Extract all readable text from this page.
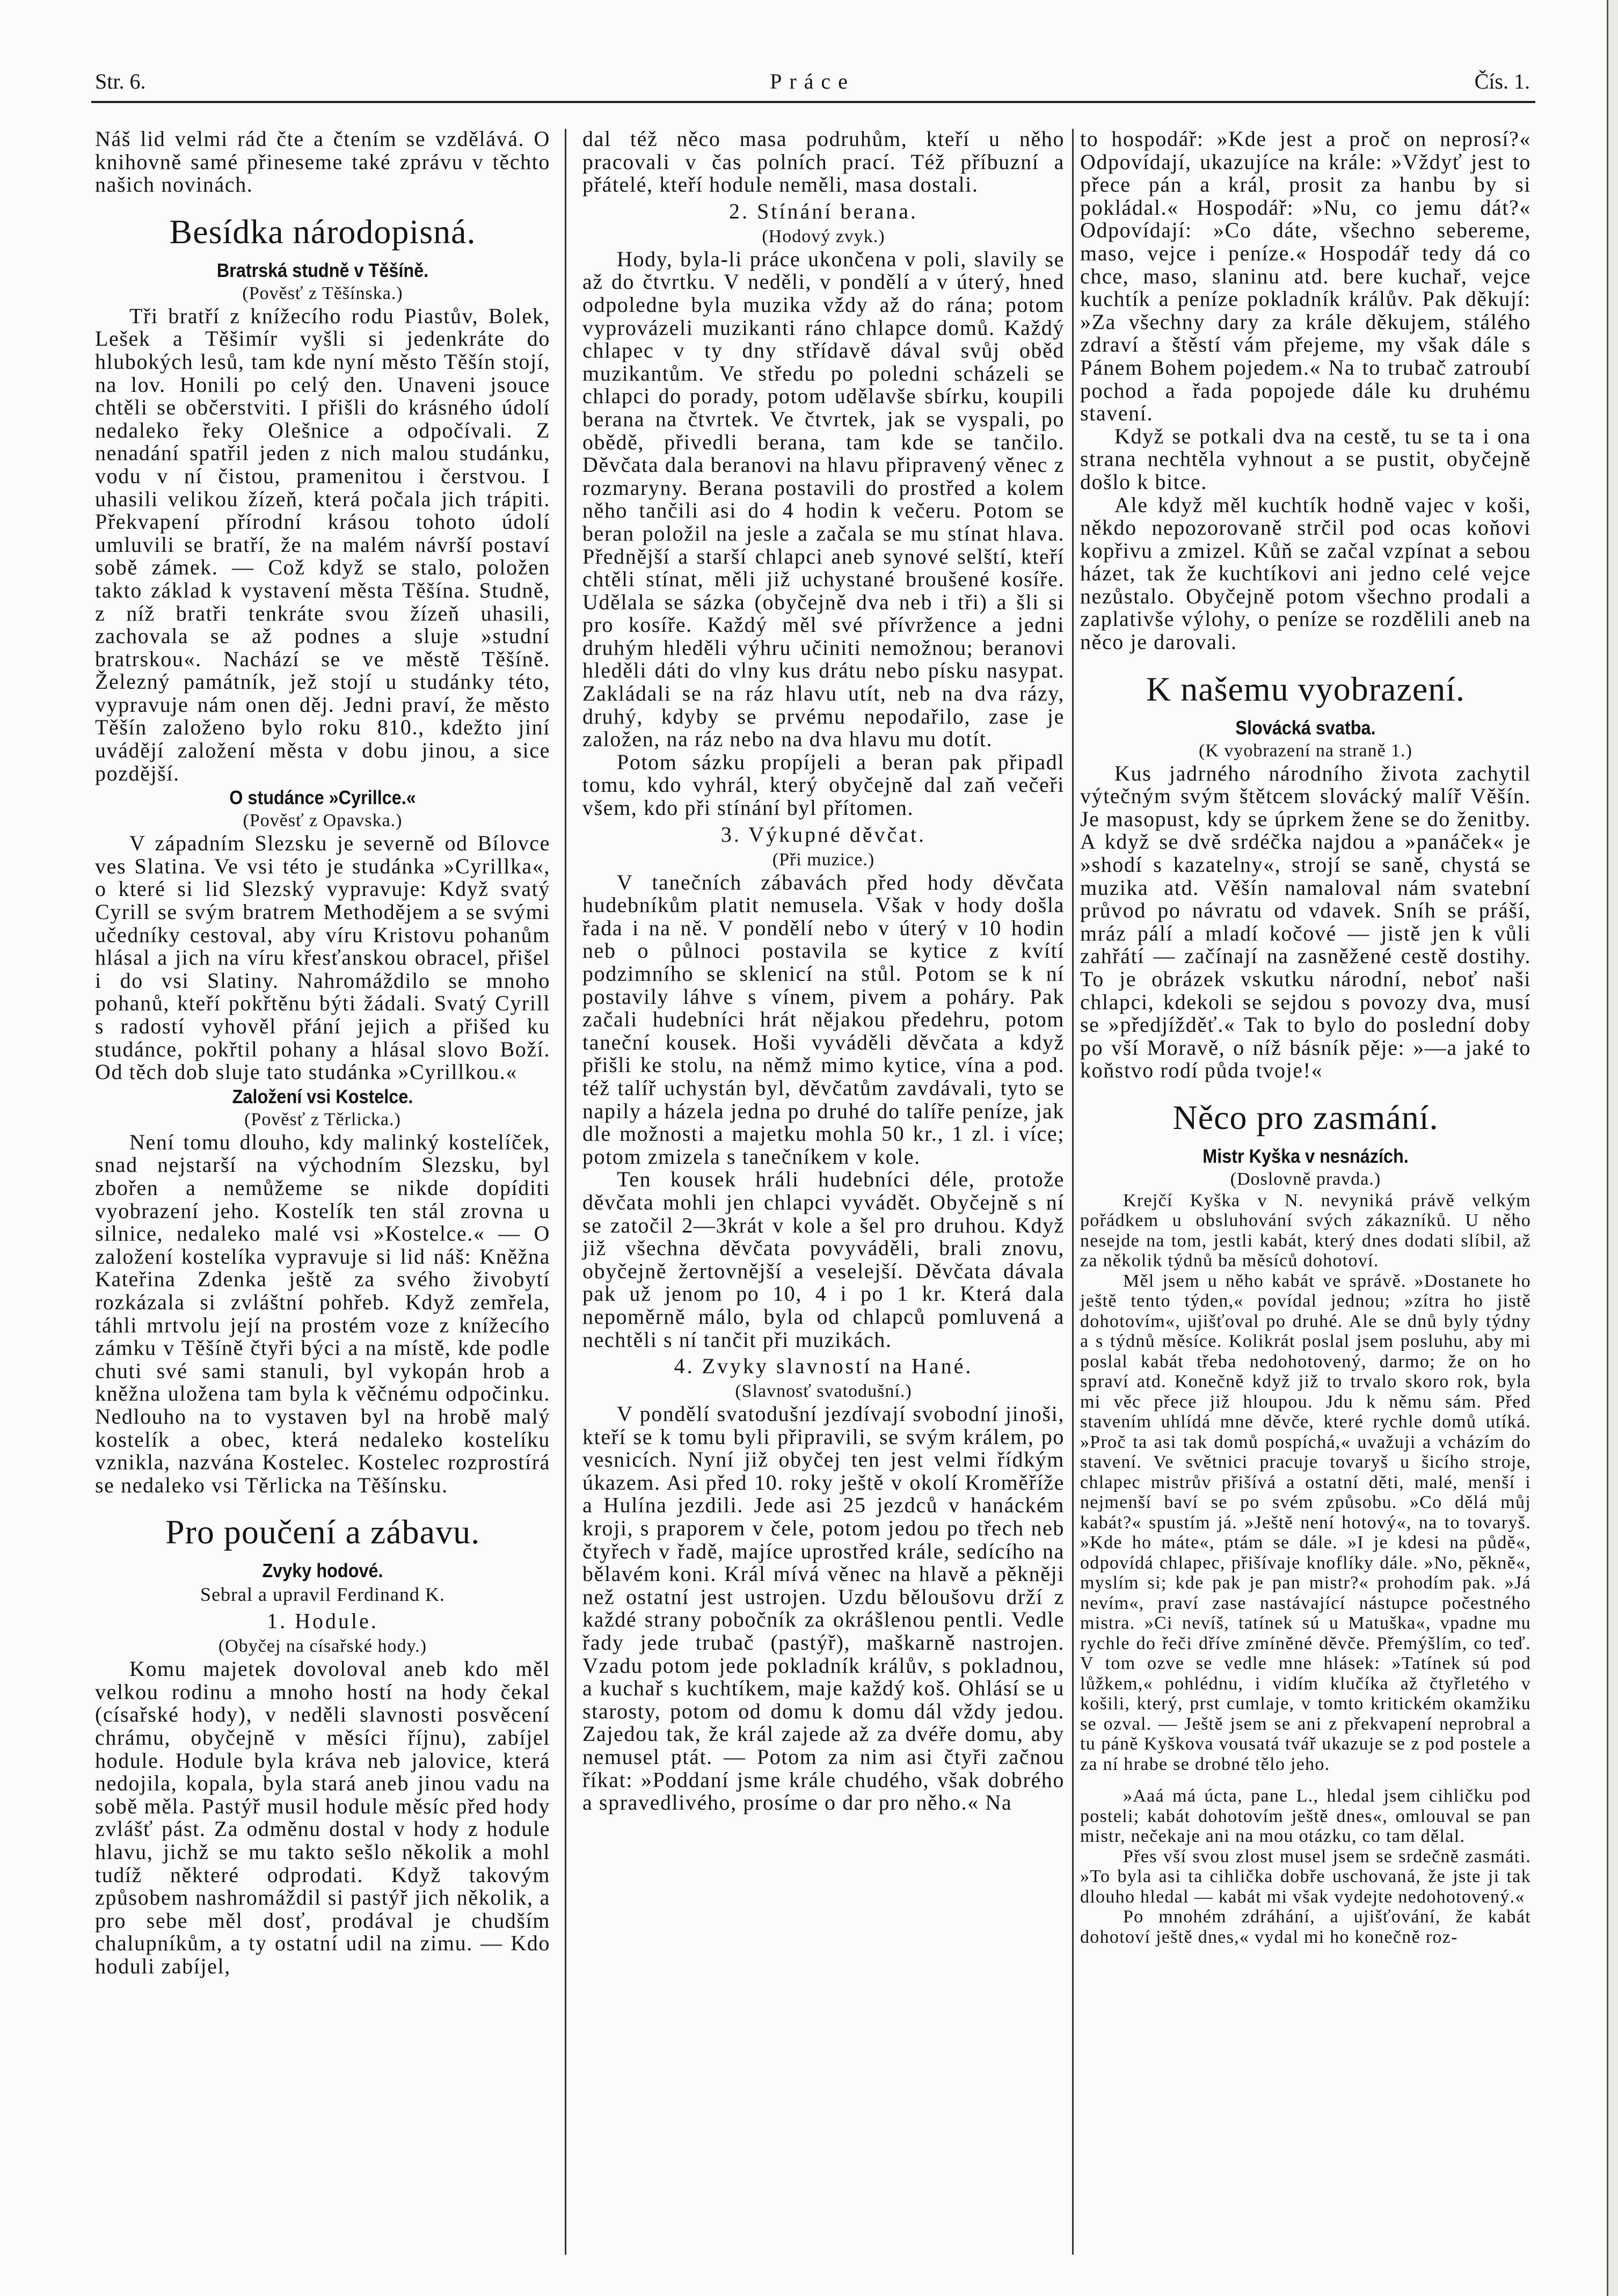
Práce
Str. 6.	Čís. 1.
Náš lid velmi rád čte a čtením se vzdělává. O knihovně samé přineseme také zprávu v těchto našich novinách.
Besídka národopisná.
Bratrská studně v Těšíně.
(Pověsť z Těšínska.)
Tři bratří z knížecího rodu Piastův, Bolek, Lešek a Těšimír vyšli si jedenkráte do hlubokých lesů, tam kde nyní město Těšín stojí, na lov. Honili po celý den. Unaveni jsouce chtěli se občerstviti. I přišli do krásného údolí nedaleko řeky Olešnice a odpočívali. Z nenadání spatřil jeden z nich malou studánku, vodu v ní čistou, pramenitou i čerstvou. I uhasili velikou žízeň, která počala jich trápiti. Překvapení přírodní krásou tohoto údolí umluvili se bratří, že na malém návrší postaví sobě zámek. — Což když se stalo, položen takto základ k vystavení města Těšína. Studně, z níž bratři tenkráte svou žízeň uhasili, zachovala se až podnes a sluje »studní bratrskou«. Nachází se ve městě Těšíně. Železný památník, jež stojí u studánky této, vypravuje nám onen děj. Jedni praví, že město Těšín založeno bylo roku 810., kdežto jiní uvádějí založení města v dobu jinou, a sice pozdější.
O studánce »Cyrillce.«
(Pověsť z Opavska.)
V západním Slezsku je severně od Bílovce ves Slatina. Ve vsi této je studánka »Cyrillka«, o které si lid Slezský vypravuje: Když svatý Cyrill se svým bratrem Methodějem a se svými učedníky cestoval, aby víru Kristovu pohanům hlásal a jich na víru křesťanskou obracel, přišel i do vsi Slatiny. Nahromáždilo se mnoho pohanů, kteří pokřtěnu býti žádali. Svatý Cyrill s radostí vyhověl přání jejich a přišed ku studánce, pokřtil pohany a hlásal slovo Boží. Od těch dob sluje tato studánka »Cyrillkou.«
Založení vsi Kostelce.
(Pověsť z Těrlicka.)
Není tomu dlouho, kdy malinký kostelíček, snad nejstarší na východním Slezsku, byl zbořen a nemůžeme se nikde dopíditi vyobrazení jeho. Kostelík ten stál zrovna u silnice, nedaleko malé vsi »Kostelce.« — O založení kostelíka vypravuje si lid náš: Kněžna Kateřina Zdenka ještě za svého živobytí rozkázala si zvláštní pohřeb. Když zemřela, táhli mrtvolu její na prostém voze z knížecího zámku v Těšíně čtyři býci a na místě, kde podle chuti své sami stanuli, byl vykopán hrob a kněžna uložena tam byla k věčnému odpočinku. Nedlouho na to vystaven byl na hrobě malý kostelík a obec, která nedaleko kostelíku vznikla, nazvána Kostelec. Kostelec rozprostírá se nedaleko vsi Těrlicka na Těšínsku.
Pro poučení a zábavu.
Zvyky hodové.
Sebral a upravil Ferdinand K.
1. Hodule.
(Obyčej na císařské hody.)
Komu majetek dovoloval aneb kdo měl velkou rodinu a mnoho hostí na hody čekal (císařské hody), v neděli slavnosti posvěcení chrámu, obyčejně v měsíci říjnu), zabíjel hodule. Hodule byla kráva neb jalovice, která nedojila, kopala, byla stará aneb jinou vadu na sobě měla. Pastýř musil hodule měsíc před hody zvlášť pást. Za odměnu dostal v hody z hodule hlavu, jichž se mu takto sešlo několik a mohl tudíž některé odprodati. Když takovým způsobem nashromáždil si pastýř jich několik, a pro sebe měl dosť, prodával je chudším chalupníkům, a ty ostatní udil na zimu. — Kdo hoduli zabíjel,
dal též něco masa podruhům, kteří u něho pracovali v čas polních prací. Též příbuzní a přátelé, kteří hodule neměli, masa dostali.
2. Stínání berana.
(Hodový zvyk.)
Hody, byla-li práce ukončena v poli, slavily se až do čtvrtku. V neděli, v pondělí a v úterý, hned odpoledne byla muzika vždy až do rána; potom vyprovázeli muzikanti ráno chlapce domů. Každý chlapec v ty dny střídavě dával svůj oběd muzikantům. Ve středu po poledni scházeli se chlapci do porady, potom udělavše sbírku, koupili berana na čtvrtek. Ve čtvrtek, jak se vyspali, po obědě, přivedli berana, tam kde se tančilo. Děvčata dala beranovi na hlavu připravený věnec z rozmaryny. Berana postavili do prostřed a kolem něho tančili asi do 4 hodin k večeru. Potom se beran položil na jesle a začala se mu stínat hlava. Přednější a starší chlapci aneb synové selští, kteří chtěli stínat, měli již uchystané broušené kosíře. Udělala se sázka (obyčejně dva neb i tři) a šli si pro kosíře. Každý měl své přívržence a jedni druhým hleděli výhru učiniti nemožnou; beranovi hleděli dáti do vlny kus drátu nebo písku nasypat. Zakládali se na ráz hlavu utít, neb na dva rázy, druhý, kdyby se prvému nepodařilo, zase je založen, na ráz nebo na dva hlavu mu dotít.
Potom sázku propíjeli a beran pak připadl tomu, kdo vyhrál, který obyčejně dal zaň večeři všem, kdo při stínání byl přítomen.
3. Výkupné děvčat.
(Při muzice.)
V tanečních zábavách před hody děvčata hudebníkům platit nemusela. Však v hody došla řada i na ně. V pondělí nebo v úterý v 10 hodin neb o půlnoci postavila se kytice z kvítí podzimního se sklenicí na stůl. Potom se k ní postavily láhve s vínem, pivem a poháry. Pak začali hudebníci hrát nějakou předehru, potom taneční kousek. Hoši vyváděli děvčata a když přišli ke stolu, na němž mimo kytice, vína a pod. též talíř uchystán byl, děvčatům zavdávali, tyto se napily a házela jedna po druhé do talíře peníze, jak dle možnosti a majetku mohla 50 kr., 1 zl. i více; potom zmizela s tanečníkem v kole.
Ten kousek hráli hudebníci déle, protože děvčata mohli jen chlapci vyvádět. Obyčejně s ní se zatočil 2—3krát v kole a šel pro druhou. Když již všechna děvčata povyváděli, brali znovu, obyčejně žertovnější a veselejší. Děvčata dávala pak už jenom po 10, 4 i po 1 kr. Která dala nepoměrně málo, byla od chlapců pomluvená a nechtěli s ní tančit při muzikách.
4. Zvyky slavností na Hané.
(Slavnosť svatodušní.)
V pondělí svatodušní jezdívají svobodní jinoši, kteří se k tomu byli připravili, se svým králem, po vesnicích. Nyní již obyčej ten jest velmi řídkým úkazem. Asi před 10. roky ještě v okolí Kroměříže a Hulína jezdili. Jede asi 25 jezdců v hanáckém kroji, s praporem v čele, potom jedou po třech neb čtyřech v řadě, majíce uprostřed krále, sedícího na bělavém koni. Král mívá věnec na hlavě a pěkněji než ostatní jest ustrojen. Uzdu běloušovu drží z každé strany pobočník za okrášlenou pentli. Vedle řady jede trubač (pastýř), maškarně nastrojen. Vzadu potom jede pokladník králův, s pokladnou, a kuchař s kuchtíkem, maje každý koš. Ohlásí se u starosty, potom od domu k domu dál vždy jedou. Zajedou tak, že král zajede až za dvéře domu, aby nemusel ptát. — Potom za nim asi čtyři začnou říkat: »Poddaní jsme krále chudého, však dobrého a spravedlivého, prosíme o dar pro něho.« Na
to hospodář: »Kde jest a proč on neprosí?« Odpovídají, ukazujíce na krále: »Vždyť jest to přece pán a král, prosit za hanbu by si pokládal.« Hospodář: »Nu, co jemu dát?« Odpovídají: »Co dáte, všechno sebereme, maso, vejce i peníze.« Hospodář tedy dá co chce, maso, slaninu atd. bere kuchař, vejce kuchtík a peníze pokladník králův. Pak děkují: »Za všechny dary za krále děkujem, stálého zdraví a štěstí vám přejeme, my však dále s Pánem Bohem pojedem.« Na to trubač zatroubí pochod a řada popojede dále ku druhému stavení.
Když se potkali dva na cestě, tu se ta i ona strana nechtěla vyhnout a se pustit, obyčejně došlo k bitce.
Ale když měl kuchtík hodně vajec v koši, někdo nepozorovaně strčil pod ocas koňovi kopřivu a zmizel. Kůň se začal vzpínat a sebou házet, tak že kuchtíkovi ani jedno celé vejce nezůstalo. Obyčejně potom všechno prodali a zaplativše výlohy, o peníze se rozdělili aneb na něco je darovali.
K našemu vyobrazení.
Slovácká svatba.
(K vyobrazení na straně 1.)
Kus jadrného národního života zachytil výtečným svým štětcem slovácký malíř Věšín. Je masopust, kdy se úprkem žene se do ženitby. A když se dvě srdéčka najdou a »panáček« je »shodí s kazatelny«, strojí se saně, chystá se muzika atd. Věšín namaloval nám svatební průvod po návratu od vdavek. Sníh se práší, mráz pálí a mladí kočové — jistě jen k vůli zahřátí — začínají na zasněžené cestě dostihy. To je obrázek vskutku národní, neboť naši chlapci, kdekoli se sejdou s povozy dva, musí se »předjížděť.« Tak to bylo do poslední doby po vší Moravě, o níž básník pěje: »—a jaké to koňstvo rodí půda tvoje!«
Něco pro zasmání.
Mistr Kyška v nesnázích.
(Doslovně pravda.)
Krejčí Kyška v N. nevyniká právě velkým pořádkem u obsluhování svých zákazníků. U něho nesejde na tom, jestli kabát, který dnes dodati slíbil, až za několik týdnů ba měsíců dohotoví.
Měl jsem u něho kabát ve správě. »Dostanete ho ještě tento týden,« povídal jednou; »zítra ho jistě dohotovím«, ujišťoval po druhé. Ale se dnů byly týdny a s týdnů měsíce. Kolikrát poslal jsem posluhu, aby mi poslal kabát třeba nedohotovený, darmo; že on ho spraví atd. Konečně když již to trvalo skoro rok, byla mi věc přece již hloupou. Jdu k němu sám. Před stavením uhlídá mne děvče, které rychle domů utíká. »Proč ta asi tak domů pospíchá,« uvažuji a vcházím do stavení. Ve světnici pracuje tovaryš u šicího stroje, chlapec mistrův přišívá a ostatní děti, malé, menší i nejmenší baví se po svém způsobu. »Co dělá můj kabát?« spustím já. »Ještě není hotový«, na to tovaryš. »Kde ho máte«, ptám se dále. »I je kdesi na půdě«, odpovídá chlapec, přišívaje knoflíky dále. »No, pěkně«, myslím si; kde pak je pan mistr?« prohodím pak. »Já nevím«, praví zase nastávající nástupce počestného mistra. »Ci nevíš, tatínek sú u Matuška«, vpadne mu rychle do řeči dříve zmíněné děvče. Přemýšlím, co teď. V tom ozve se vedle mne hlásek: »Tatínek sú pod lůžkem,« pohlédnu, i vidím klučíka až čtyřletého v košili, který, prst cumlaje, v tomto kritickém okamžiku se ozval. — Ještě jsem se ani z překvapení neprobral a tu páně Kyškova vousatá tvář ukazuje se z pod postele a za ní hrabe se drobné tělo jeho.
»Aaá má úcta, pane L., hledal jsem cihličku pod posteli; kabát dohotovím ještě dnes«, omlouval se pan mistr, nečekaje ani na mou otázku, co tam dělal.
Přes vší svou zlost musel jsem se srdečně zasmáti. »To byla asi ta cihlička dobře uschovaná, že jste ji tak dlouho hledal — kabát mi však vydejte nedohotovený.«
Po mnohém zdráhání, a ujišťování, že kabát dohotoví ještě dnes,« vydal mi ho konečně roz-
